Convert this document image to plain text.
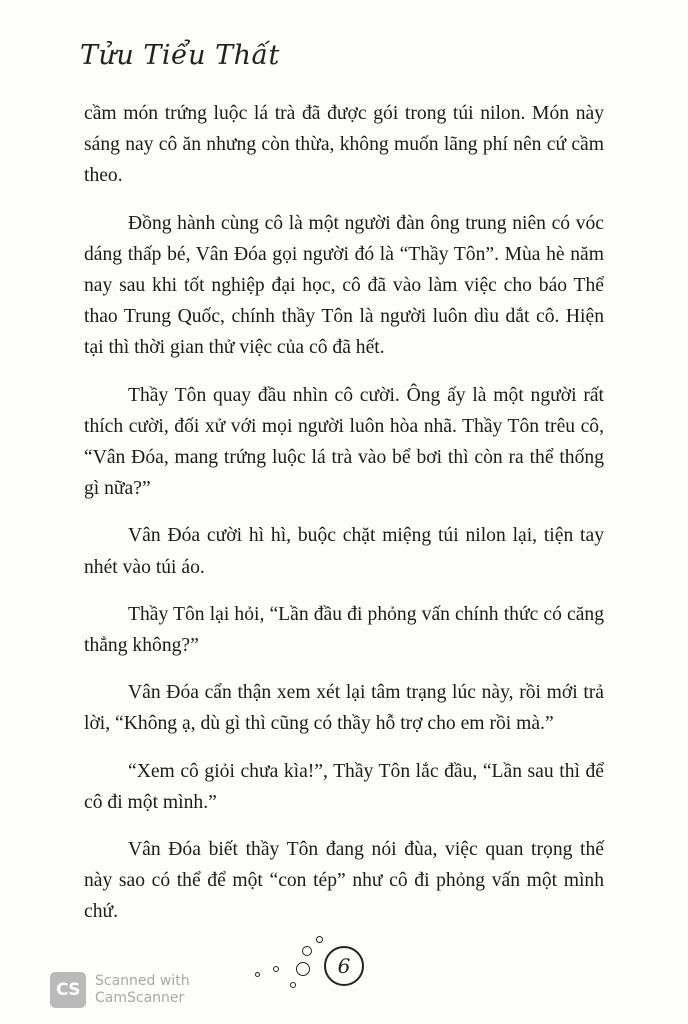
Tửu Tiểu Thất

cầm món trứng luộc lá trà đã được gói trong túi nilon. Món này sáng nay cô ăn nhưng còn thừa, không muốn lãng phí nên cứ cầm theo.

Đồng hành cùng cô là một người đàn ông trung niên có vóc dáng thấp bé, Vân Đóa gọi người đó là “Thầy Tôn”. Mùa hè năm nay sau khi tốt nghiệp đại học, cô đã vào làm việc cho báo Thể thao Trung Quốc, chính thầy Tôn là người luôn dìu dắt cô. Hiện tại thì thời gian thử việc của cô đã hết.

Thầy Tôn quay đầu nhìn cô cười. Ông ấy là một người rất thích cười, đối xử với mọi người luôn hòa nhã. Thầy Tôn trêu cô, “Vân Đóa, mang trứng luộc lá trà vào bể bơi thì còn ra thể thống gì nữa?”

Vân Đóa cười hì hì, buộc chặt miệng túi nilon lại, tiện tay nhét vào túi áo.

Thầy Tôn lại hỏi, “Lần đầu đi phỏng vấn chính thức có căng thẳng không?”

Vân Đóa cẩn thận xem xét lại tâm trạng lúc này, rồi mới trả lời, “Không ạ, dù gì thì cũng có thầy hỗ trợ cho em rồi mà.”

“Xem cô giỏi chưa kìa!”, Thầy Tôn lắc đầu, “Lần sau thì để cô đi một mình.”

Vân Đóa biết thầy Tôn đang nói đùa, việc quan trọng thế này sao có thể để một “con tép” như cô đi phỏng vấn một mình chứ.

6
CS	Scanned with
CamScanner
